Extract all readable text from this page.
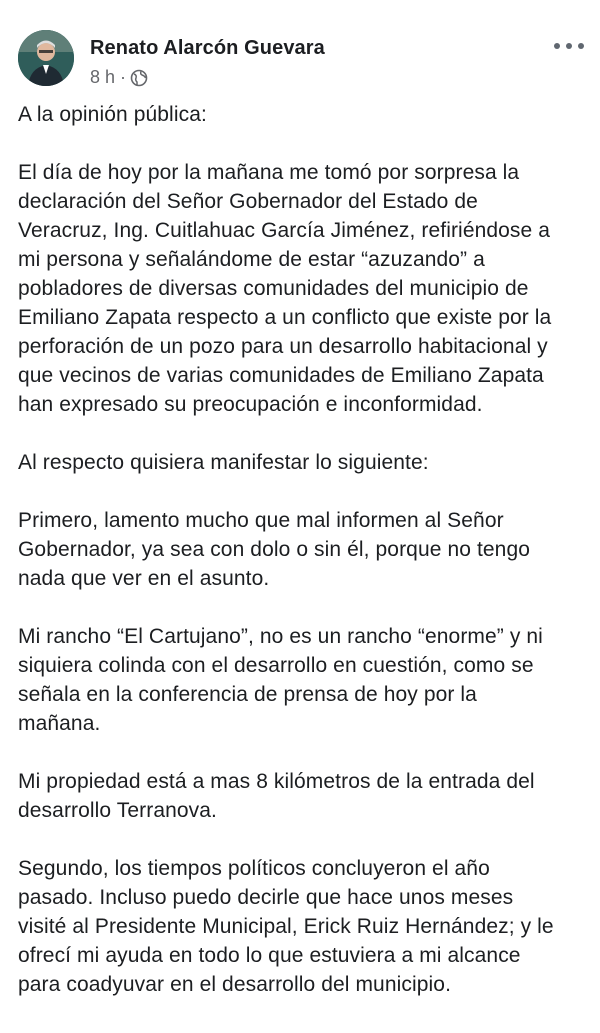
Renato Alarcón Guevara
8 h ·

A la opinión pública:

El día de hoy por la mañana me tomó por sorpresa la
declaración del Señor Gobernador del Estado de
Veracruz, Ing. Cuitlahuac García Jiménez, refiriéndose a
mi persona y señalándome de estar “azuzando” a
pobladores de diversas comunidades del municipio de
Emiliano Zapata respecto a un conflicto que existe por la
perforación de un pozo para un desarrollo habitacional y
que vecinos de varias comunidades de Emiliano Zapata
han expresado su preocupación e inconformidad.

Al respecto quisiera manifestar lo siguiente:

Primero, lamento mucho que mal informen al Señor
Gobernador, ya sea con dolo o sin él, porque no tengo
nada que ver en el asunto.

Mi rancho “El Cartujano”, no es un rancho “enorme” y ni
siquiera colinda con el desarrollo en cuestión, como se
señala en la conferencia de prensa de hoy por la
mañana.

Mi propiedad está a mas 8 kilómetros de la entrada del
desarrollo Terranova.

Segundo, los tiempos políticos concluyeron el año
pasado. Incluso puedo decirle que hace unos meses
visité al Presidente Municipal, Erick Ruiz Hernández; y le
ofrecí mi ayuda en todo lo que estuviera a mi alcance
para coadyuvar en el desarrollo del municipio.
